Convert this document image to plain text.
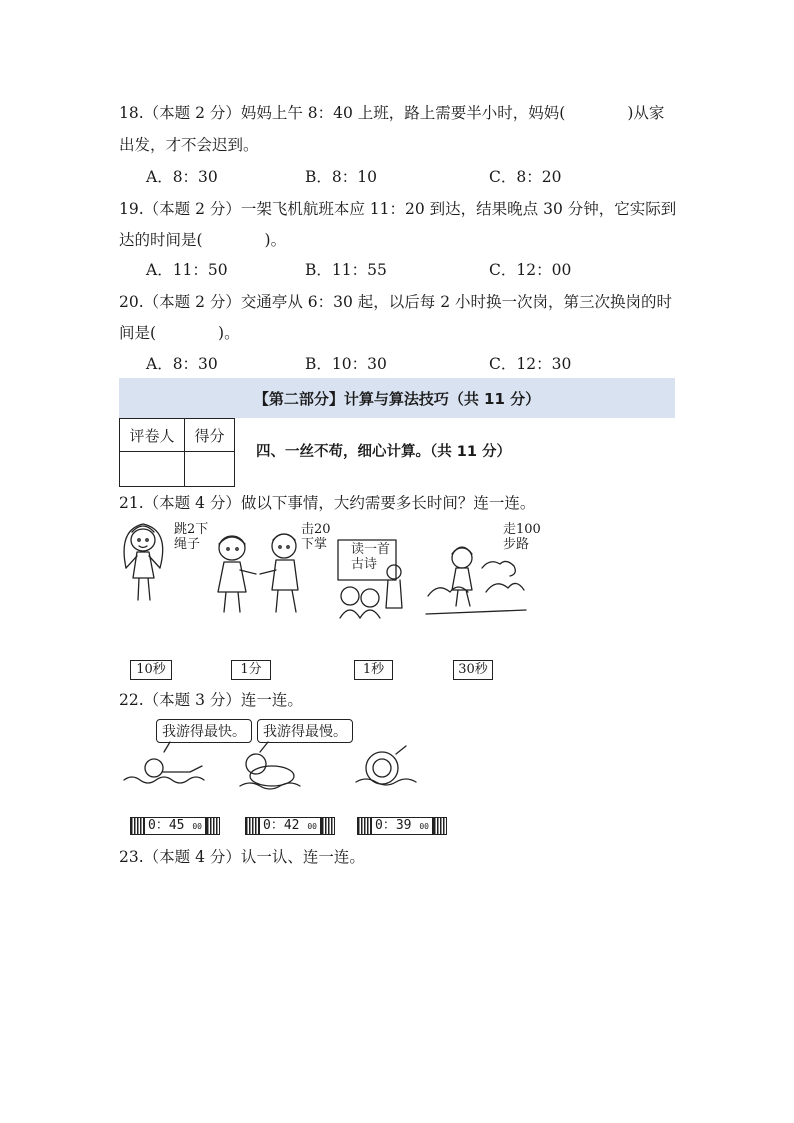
18.（本题 2 分）妈妈上午 8：40 上班，路上需要半小时，妈妈(　　　　)从家
出发，才不会迟到。
A．8：30	B．8：10	C．8：20
19.（本题 2 分）一架飞机航班本应 11：20 到达，结果晚点 30 分钟，它实际到
达的时间是(　　　　)。
A．11：50	B．11：55	C．12：00
20.（本题 2 分）交通亭从 6：30 起，以后每 2 小时换一次岗，第三次换岗的时
间是(　　　　)。
A．8：30	B．10：30	C．12：30
【第二部分】计算与算法技巧（共 11 分）
评卷人	得分

四、一丝不苟，细心计算。（共 11 分）
21.（本题 4 分）做以下事情，大约需要多长时间？连一连。
跳2下
绳子
击20
下掌 读一首
古诗
走100
步路
10秒	1分	1秒	30秒
22.（本题 3 分）连一连。
我游得最快。	我游得最慢。
0：45 00	0：42 00	0：39 00
23.（本题 4 分）认一认、连一连。
